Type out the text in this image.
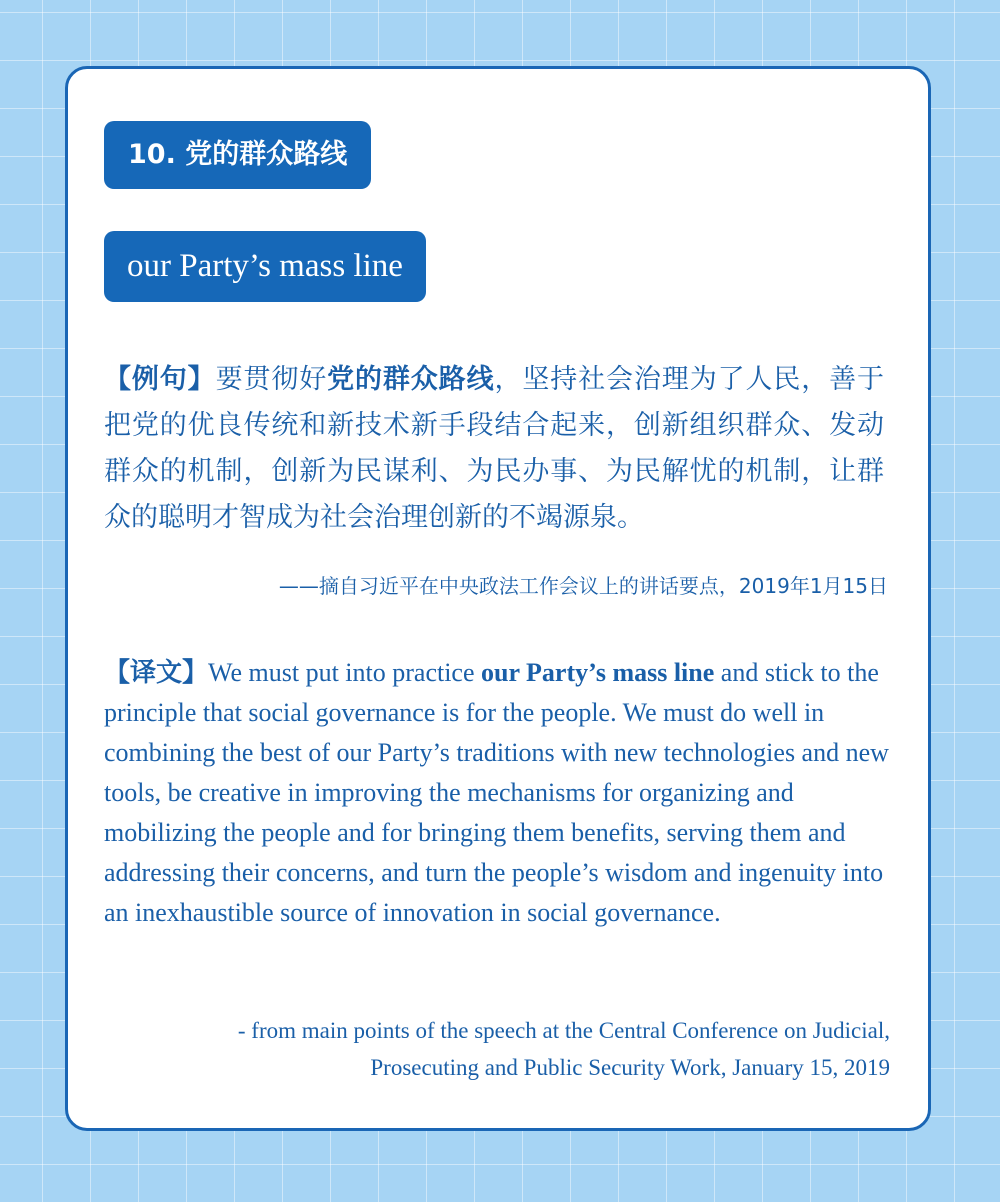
10. 党的群众路线
our Party’s mass line

【例句】要贯彻好党的群众路线，坚持社会治理为了人民，善于把党的优良传统和新技术新手段结合起来，创新组织群众、发动群众的机制，创新为民谋利、为民办事、为民解忧的机制，让群众的聪明才智成为社会治理创新的不竭源泉。

——摘自习近平在中央政法工作会议上的讲话要点，2019年1月15日

【译文】We must put into practice our Party’s mass line and stick to the principle that social governance is for the people. We must do well in combining the best of our Party’s traditions with new technologies and new tools, be creative in improving the mechanisms for organizing and mobilizing the people and for bringing them benefits, serving them and addressing their concerns, and turn the people’s wisdom and ingenuity into an inexhaustible source of innovation in social governance.

- from main points of the speech at the Central Conference on Judicial,
Prosecuting and Public Security Work, January 15, 2019
